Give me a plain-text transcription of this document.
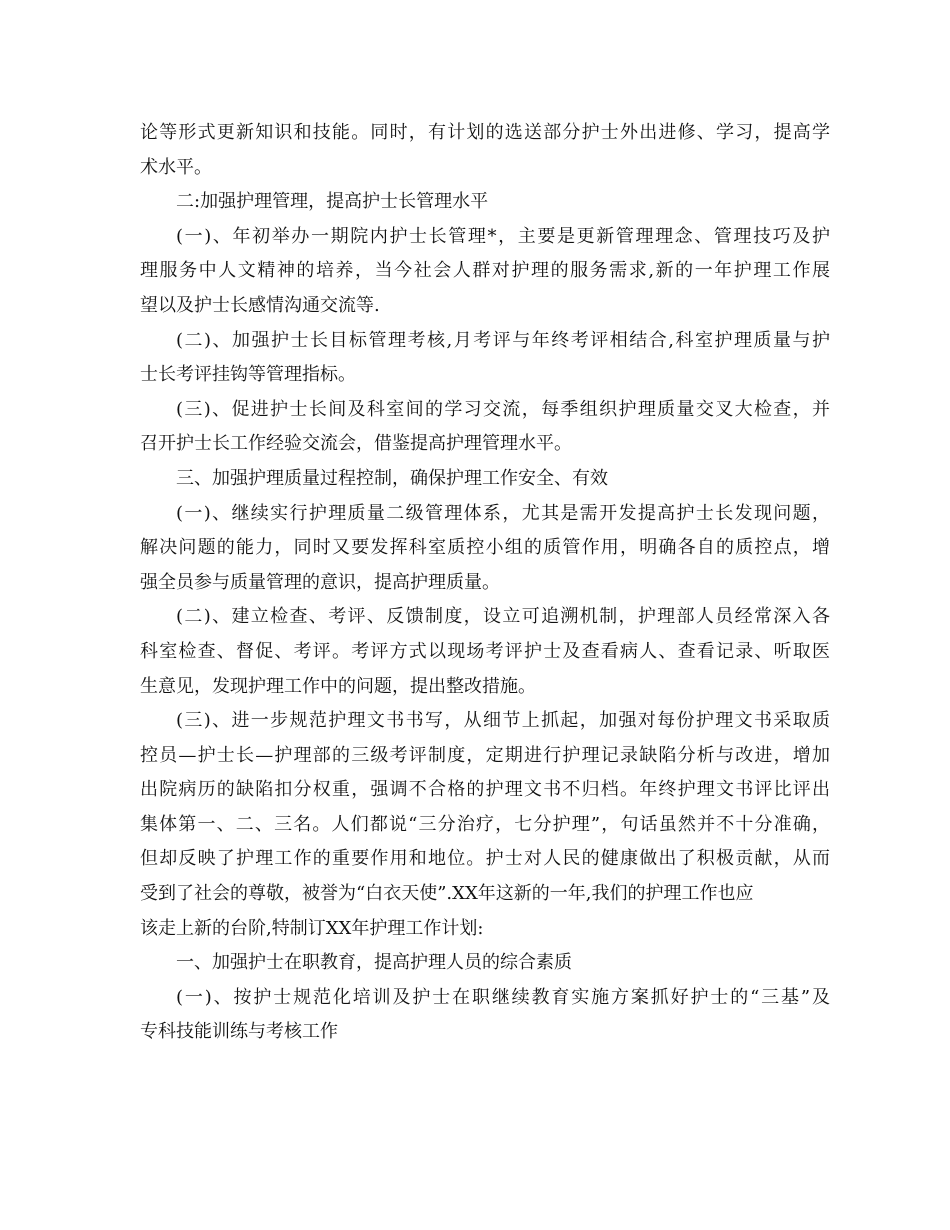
论等形式更新知识和技能。同时，有计划的选送部分护士外出进修、学习，提高学
术水平。
二:加强护理管理，提高护士长管理水平
(一)、年初举办一期院内护士长管理*，主要是更新管理理念、管理技巧及护
理服务中人文精神的培养，当今社会人群对护理的服务需求,新的一年护理工作展
望以及护士长感情沟通交流等.
(二)、加强护士长目标管理考核,月考评与年终考评相结合,科室护理质量与护
士长考评挂钩等管理指标。
(三)、促进护士长间及科室间的学习交流，每季组织护理质量交叉大检查，并
召开护士长工作经验交流会，借鉴提高护理管理水平。
三、加强护理质量过程控制，确保护理工作安全、有效
(一)、继续实行护理质量二级管理体系，尤其是需开发提高护士长发现问题，
解决问题的能力，同时又要发挥科室质控小组的质管作用，明确各自的质控点，增
强全员参与质量管理的意识，提高护理质量。
(二)、建立检查、考评、反馈制度，设立可追溯机制，护理部人员经常深入各
科室检查、督促、考评。考评方式以现场考评护士及查看病人、查看记录、听取医
生意见，发现护理工作中的问题，提出整改措施。
(三)、进一步规范护理文书书写，从细节上抓起，加强对每份护理文书采取质
控员—护士长—护理部的三级考评制度，定期进行护理记录缺陷分析与改进，增加
出院病历的缺陷扣分权重，强调不合格的护理文书不归档。年终护理文书评比评出
集体第一、二、三名。人们都说“三分治疗，七分护理”，句话虽然并不十分准确，
但却反映了护理工作的重要作用和地位。护士对人民的健康做出了积极贡献，从而
受到了社会的尊敬，被誉为“白衣天使”.XX年这新的一年,我们的护理工作也应
该走上新的台阶,特制订XX年护理工作计划:
一、加强护士在职教育，提高护理人员的综合素质
(一)、按护士规范化培训及护士在职继续教育实施方案抓好护士的“三基”及
专科技能训练与考核工作
